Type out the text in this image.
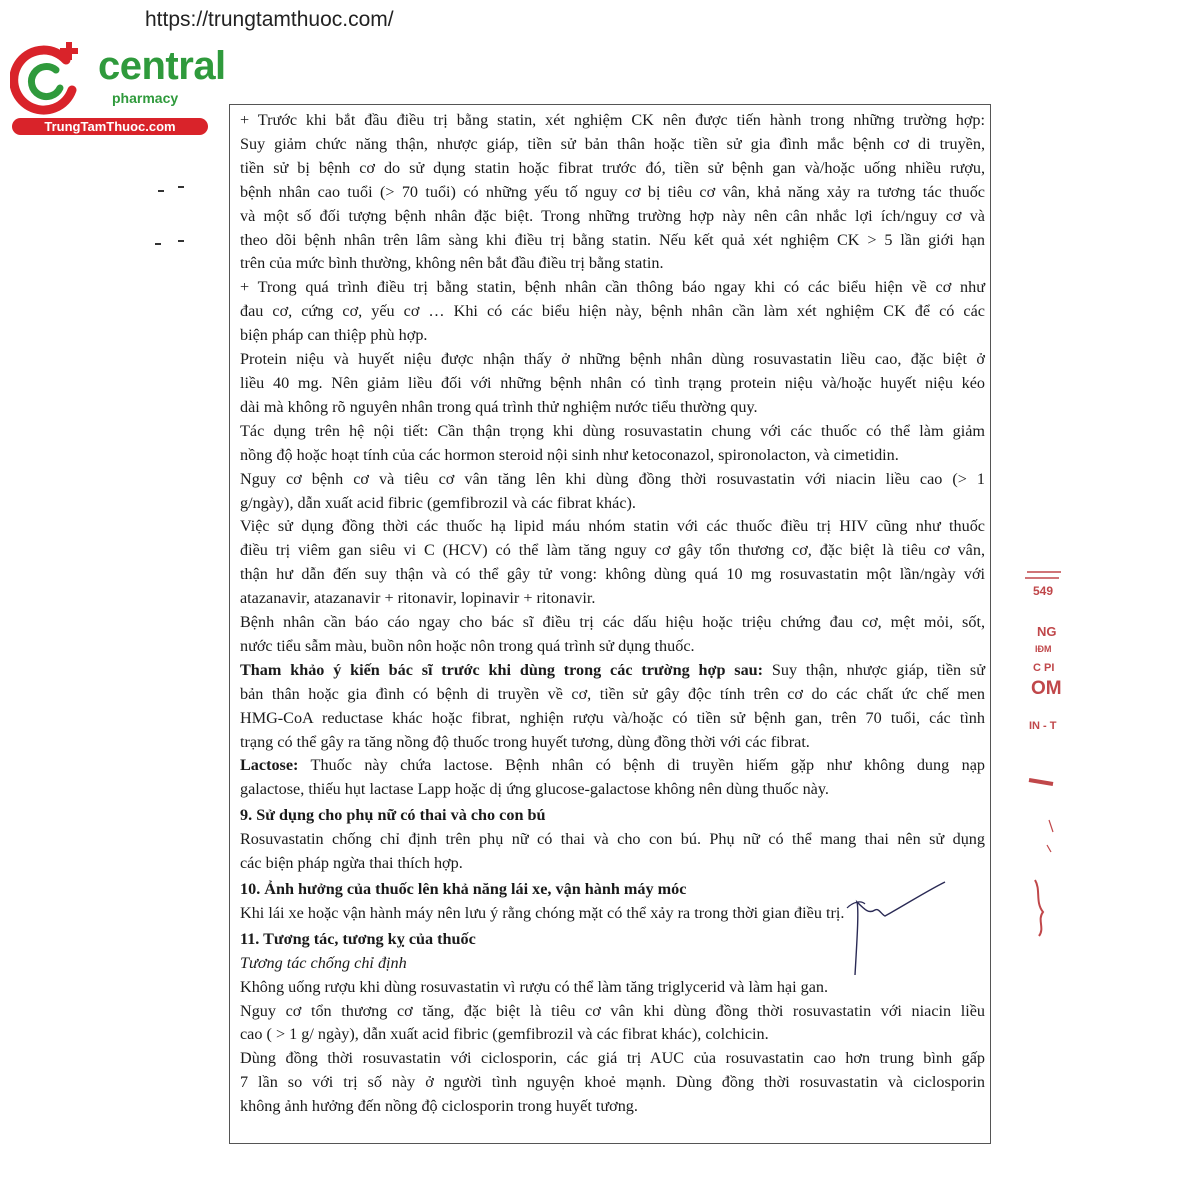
https://trungtamthuoc.com/
central
pharmacy
TrungTamThuoc.com	+ Trước khi bắt đầu điều trị bằng statin, xét nghiệm CK nên được tiến hành trong những trường hợp:
Suy giảm chức năng thận, nhược giáp, tiền sử bản thân hoặc tiền sử gia đình mắc bệnh cơ di truyền,
tiền sử bị bệnh cơ do sử dụng statin hoặc fibrat trước đó, tiền sử bệnh gan và/hoặc uống nhiều rượu,
bệnh nhân cao tuổi (> 70 tuổi) có những yếu tố nguy cơ bị tiêu cơ vân, khả năng xảy ra tương tác thuốc
và một số đối tượng bệnh nhân đặc biệt. Trong những trường hợp này nên cân nhắc lợi ích/nguy cơ và
theo dõi bệnh nhân trên lâm sàng khi điều trị bằng statin. Nếu kết quả xét nghiệm CK > 5 lần giới hạn
trên của mức bình thường, không nên bắt đầu điều trị bằng statin.

+ Trong quá trình điều trị bằng statin, bệnh nhân cần thông báo ngay khi có các biểu hiện về cơ như
đau cơ, cứng cơ, yếu cơ … Khi có các biểu hiện này, bệnh nhân cần làm xét nghiệm CK để có các
biện pháp can thiệp phù hợp.

Protein niệu và huyết niệu được nhận thấy ở những bệnh nhân dùng rosuvastatin liều cao, đặc biệt ở
liều 40 mg. Nên giảm liều đối với những bệnh nhân có tình trạng protein niệu và/hoặc huyết niệu kéo
dài mà không rõ nguyên nhân trong quá trình thử nghiệm nước tiểu thường quy.

Tác dụng trên hệ nội tiết: Cần thận trọng khi dùng rosuvastatin chung với các thuốc có thể làm giảm
nồng độ hoặc hoạt tính của các hormon steroid nội sinh như ketoconazol, spironolacton, và cimetidin.

Nguy cơ bệnh cơ và tiêu cơ vân tăng lên khi dùng đồng thời rosuvastatin với niacin liều cao (> 1
g/ngày), dẫn xuất acid fibric (gemfibrozil và các fibrat khác).

Việc sử dụng đồng thời các thuốc hạ lipid máu nhóm statin với các thuốc điều trị HIV cũng như thuốc
điều trị viêm gan siêu vi C (HCV) có thể làm tăng nguy cơ gây tổn thương cơ, đặc biệt là tiêu cơ vân,
thận hư dẫn đến suy thận và có thể gây tử vong: không dùng quá 10 mg rosuvastatin một lần/ngày với
atazanavir, atazanavir + ritonavir, lopinavir + ritonavir.

Bệnh nhân cần báo cáo ngay cho bác sĩ điều trị các dấu hiệu hoặc triệu chứng đau cơ, mệt mỏi, sốt,
nước tiểu sẫm màu, buồn nôn hoặc nôn trong quá trình sử dụng thuốc.

Tham khảo ý kiến bác sĩ trước khi dùng trong các trường hợp sau: Suy thận, nhược giáp, tiền sử
bản thân hoặc gia đình có bệnh di truyền về cơ, tiền sử gây độc tính trên cơ do các chất ức chế men
HMG-CoA reductase khác hoặc fibrat, nghiện rượu và/hoặc có tiền sử bệnh gan, trên 70 tuổi, các tình
trạng có thể gây ra tăng nồng độ thuốc trong huyết tương, dùng đồng thời với các fibrat.

Lactose: Thuốc này chứa lactose. Bệnh nhân có bệnh di truyền hiếm gặp như không dung nạp
galactose, thiếu hụt lactase Lapp hoặc dị ứng glucose-galactose không nên dùng thuốc này.

9. Sử dụng cho phụ nữ có thai và cho con bú

Rosuvastatin chống chỉ định trên phụ nữ có thai và cho con bú. Phụ nữ có thể mang thai nên sử dụng
các biện pháp ngừa thai thích hợp.

10. Ảnh hưởng của thuốc lên khả năng lái xe, vận hành máy móc

Khi lái xe hoặc vận hành máy nên lưu ý rằng chóng mặt có thể xảy ra trong thời gian điều trị.

11. Tương tác, tương kỵ của thuốc

Tương tác chống chỉ định

Không uống rượu khi dùng rosuvastatin vì rượu có thể làm tăng triglycerid và làm hại gan.

Nguy cơ tổn thương cơ tăng, đặc biệt là tiêu cơ vân khi dùng đồng thời rosuvastatin với niacin liều
cao ( > 1 g/ ngày), dẫn xuất acid fibric (gemfibrozil và các fibrat khác), colchicin.

Dùng đồng thời rosuvastatin với ciclosporin, các giá trị AUC của rosuvastatin cao hơn trung bình gấp
7 lần so với trị số này ở người tình nguyện khoẻ mạnh. Dùng đồng thời rosuvastatin và ciclosporin
không ảnh hưởng đến nồng độ ciclosporin trong huyết tương.

549
NG
IĐM
C PI
OM
IN - T
